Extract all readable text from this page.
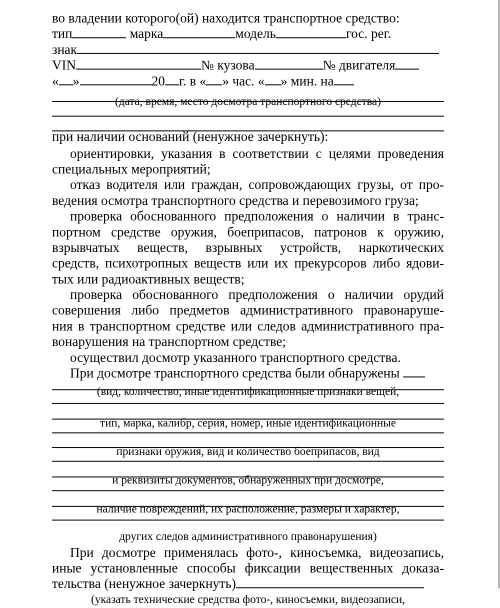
во владении которого(ой) находится транспортное средство:
тип	марка	модель	гос. рег.
знак
VIN	№ кузова	№ двигателя
« »	20 г. в « » час. « » мин. на
(дата, время, место досмотра транспортного средства)
при наличии оснований (ненужное зачеркнуть):
ориентировки, указания в соответствии с целями проведения
специальных мероприятий;
отказ водителя или граждан, сопровождающих грузы, от про-
ведения осмотра транспортного средства и перевозимого груза;
проверка обоснованного предположения о наличии в транс-
портном средстве оружия, боеприпасов, патронов к оружию,
взрывчатых веществ, взрывных устройств, наркотических
средств, психотропных веществ или их прекурсоров либо ядови-
тых или радиоактивных веществ;
проверка обоснованного предположения о наличии орудий
совершения либо предметов административного правонаруше-
ния в транспортном средстве или следов административного пра-
вонарушения на транспортном средстве;
осуществил досмотр указанного транспортного средства.
При досмотре транспортного средства были обнаружены
(вид, количество, иные идентификационные признаки вещей,
тип, марка, калибр, серия, номер, иные идентификационные
признаки оружия, вид и количество боеприпасов, вид
и реквизиты документов, обнаруженных при досмотре,
наличие повреждений, их расположение, размеры и характер,
других следов административного правонарушения)
При досмотре применялась фото-, киносъемка, видеозапись,
иные установленные способы фиксации вещественных доказа-
тельства (ненужное зачеркнуть)
(указать технические средства фото-, киносъемки, видеозаписи,
